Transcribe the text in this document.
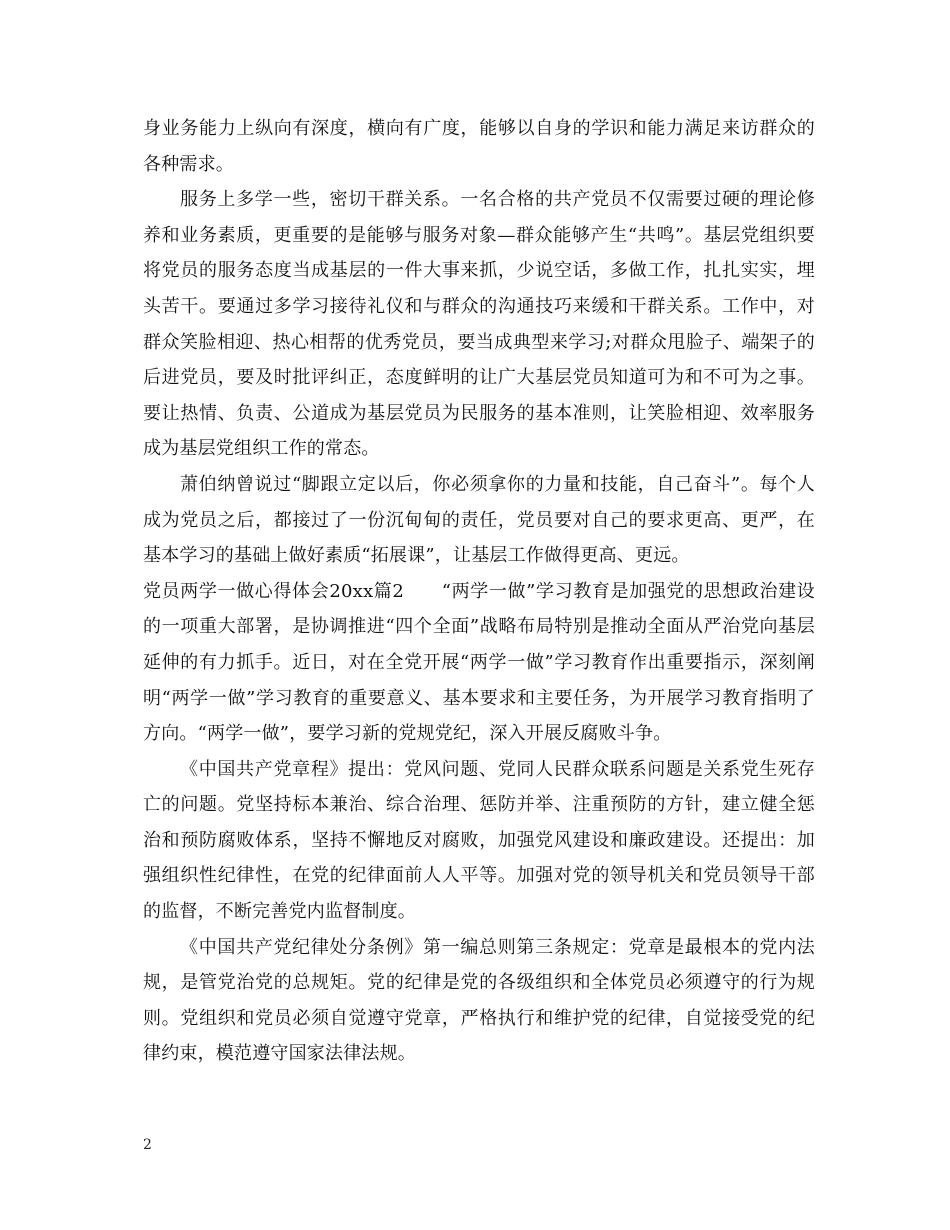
身业务能力上纵向有深度，横向有广度，能够以自身的学识和能力满足来访群众的各种需求。

服务上多学一些，密切干群关系。一名合格的共产党员不仅需要过硬的理论修养和业务素质，更重要的是能够与服务对象—群众能够产生“共鸣”。基层党组织要将党员的服务态度当成基层的一件大事来抓，少说空话，多做工作，扎扎实实，埋头苦干。要通过多学习接待礼仪和与群众的沟通技巧来缓和干群关系。工作中，对群众笑脸相迎、热心相帮的优秀党员，要当成典型来学习;对群众甩脸子、端架子的后进党员，要及时批评纠正，态度鲜明的让广大基层党员知道可为和不可为之事。要让热情、负责、公道成为基层党员为民服务的基本准则，让笑脸相迎、效率服务成为基层党组织工作的常态。

萧伯纳曾说过“脚跟立定以后，你必须拿你的力量和技能，自己奋斗”。每个人成为党员之后，都接过了一份沉甸甸的责任，党员要对自己的要求更高、更严，在基本学习的基础上做好素质“拓展课”，让基层工作做得更高、更远。

党员两学一做心得体会20xx篇2　　“两学一做”学习教育是加强党的思想政治建设的一项重大部署，是协调推进“四个全面”战略布局特别是推动全面从严治党向基层延伸的有力抓手。近日，对在全党开展“两学一做”学习教育作出重要指示，深刻阐明“两学一做”学习教育的重要意义、基本要求和主要任务，为开展学习教育指明了方向。“两学一做”，要学习新的党规党纪，深入开展反腐败斗争。

《中国共产党章程》提出：党风问题、党同人民群众联系问题是关系党生死存亡的问题。党坚持标本兼治、综合治理、惩防并举、注重预防的方针，建立健全惩治和预防腐败体系，坚持不懈地反对腐败，加强党风建设和廉政建设。还提出：加强组织性纪律性，在党的纪律面前人人平等。加强对党的领导机关和党员领导干部的监督，不断完善党内监督制度。

《中国共产党纪律处分条例》第一编总则第三条规定：党章是最根本的党内法规，是管党治党的总规矩。党的纪律是党的各级组织和全体党员必须遵守的行为规则。党组织和党员必须自觉遵守党章，严格执行和维护党的纪律，自觉接受党的纪律约束，模范遵守国家法律法规。

2
